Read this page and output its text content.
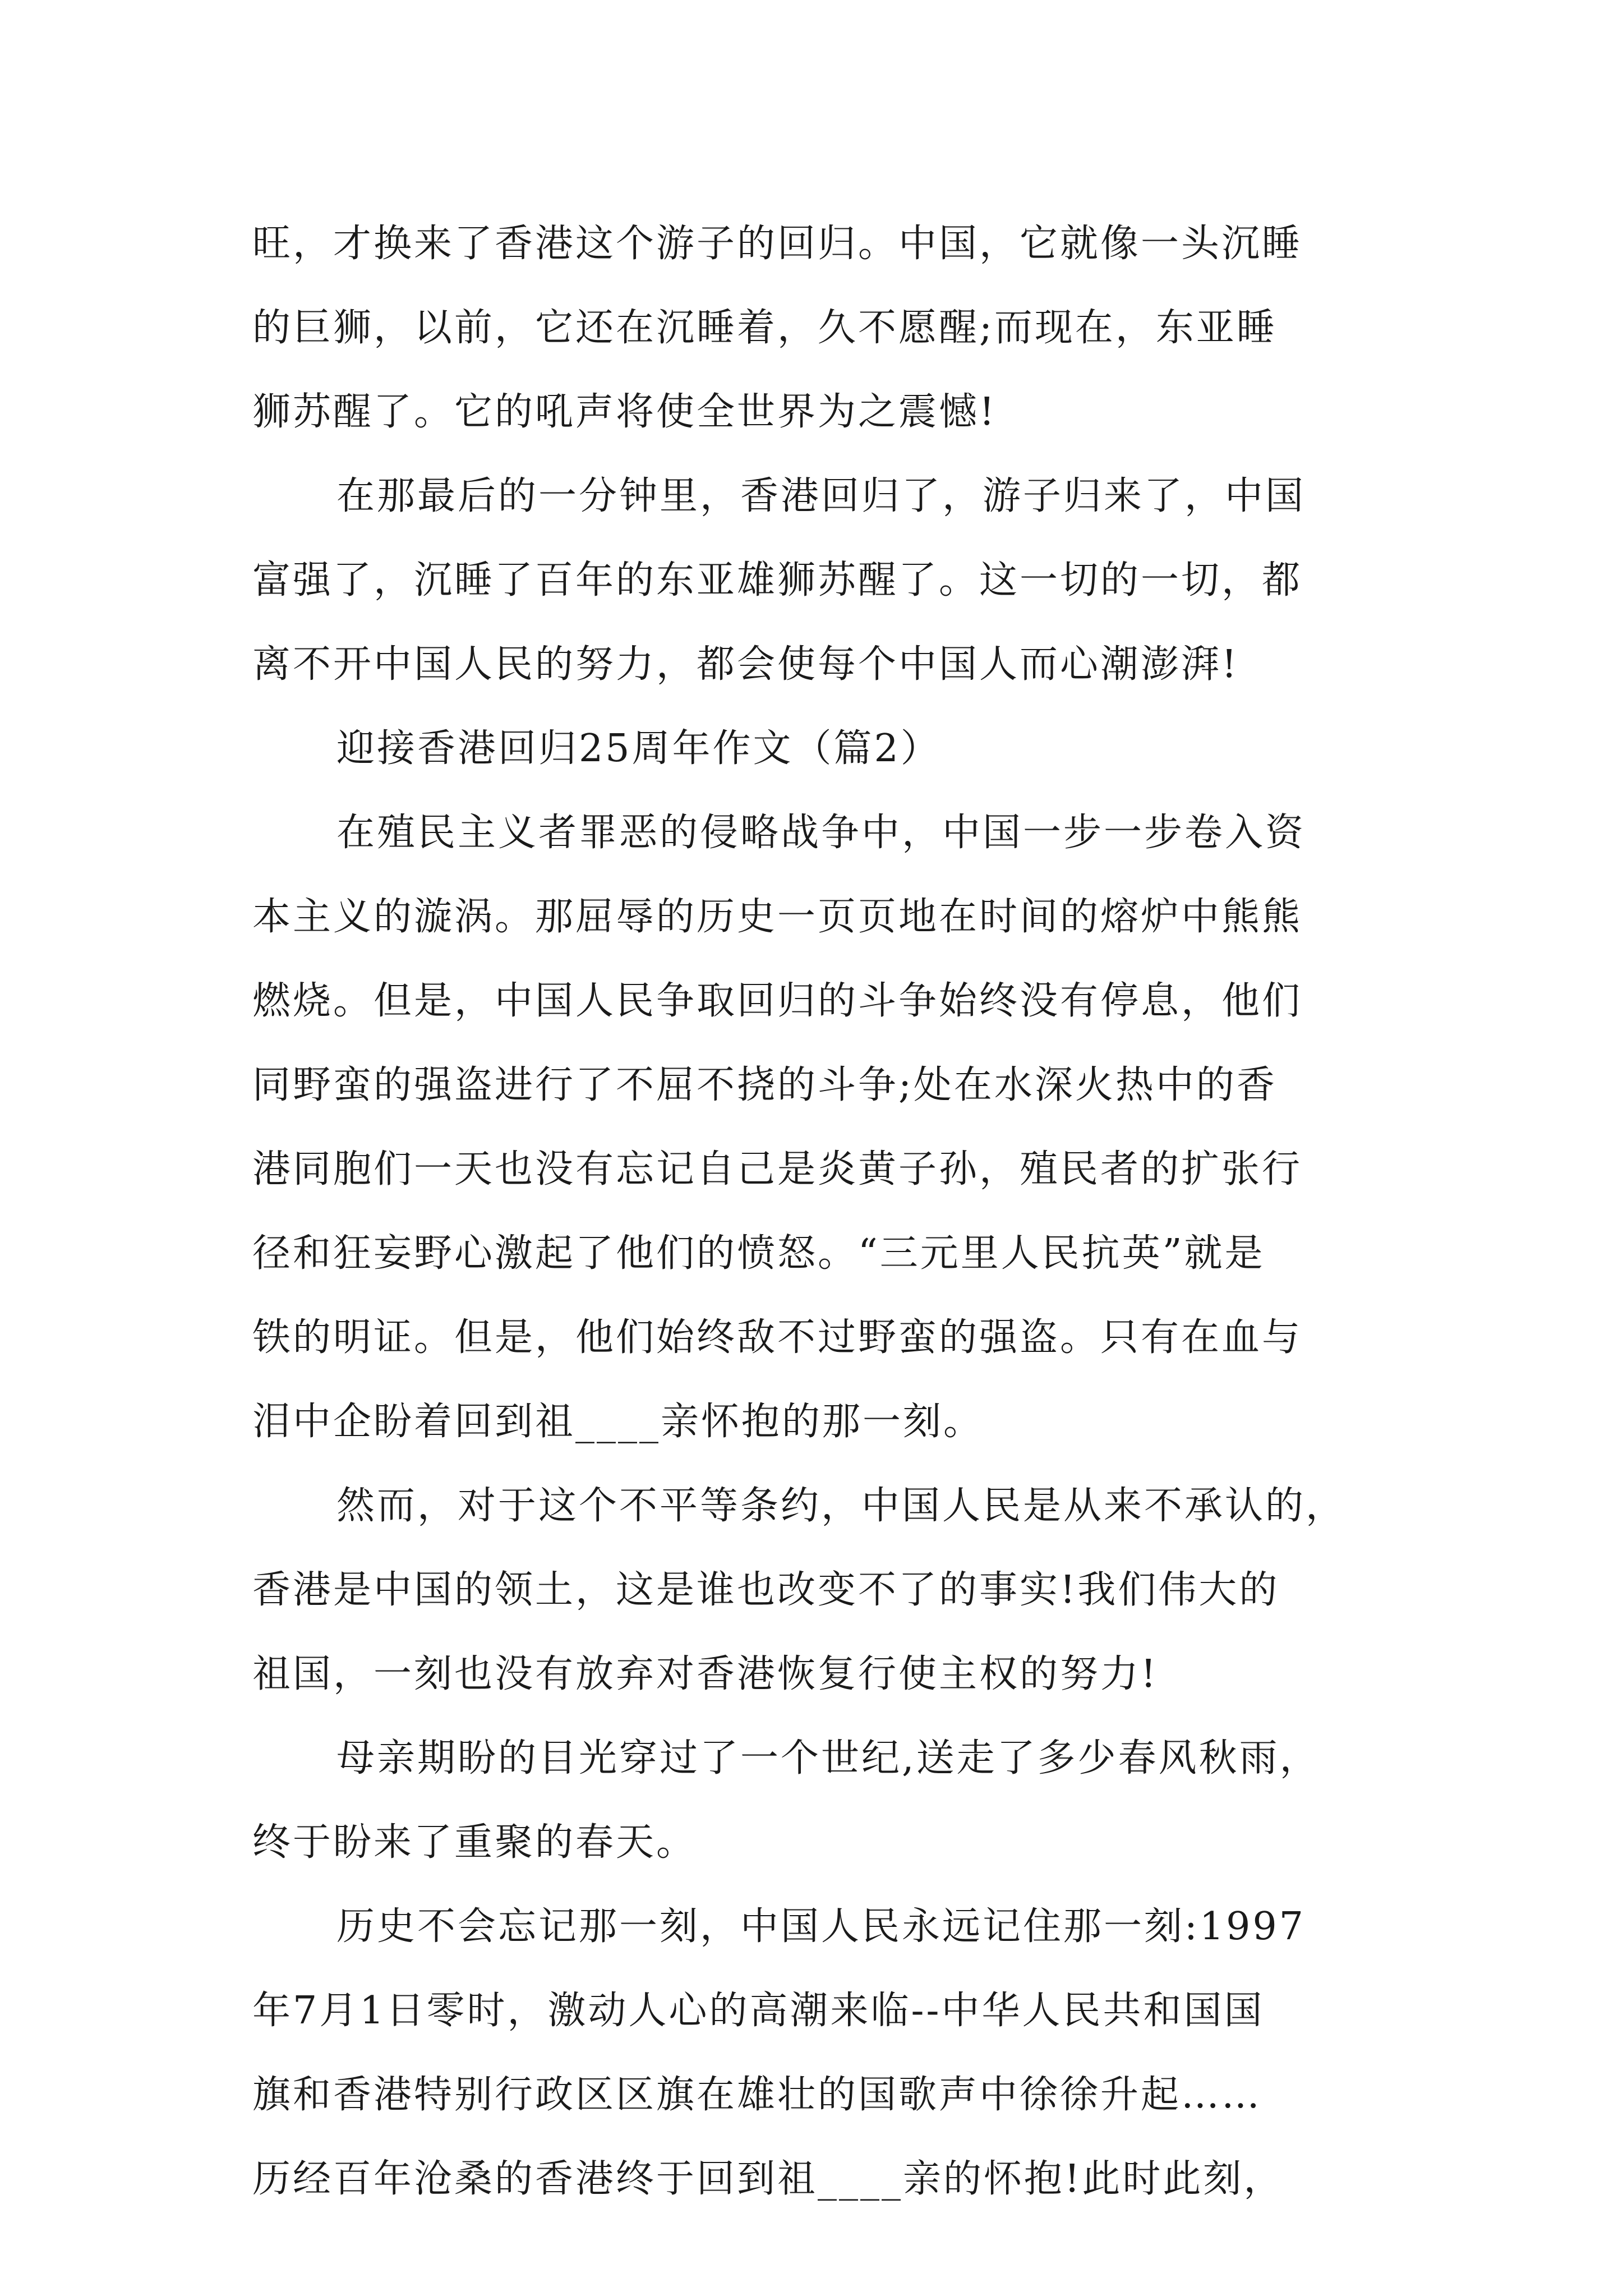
旺，才换来了香港这个游子的回归。中国，它就像一头沉睡
的巨狮，以前，它还在沉睡着，久不愿醒;而现在，东亚睡
狮苏醒了。它的吼声将使全世界为之震憾!
在那最后的一分钟里，香港回归了，游子归来了，中国
富强了，沉睡了百年的东亚雄狮苏醒了。这一切的一切，都
离不开中国人民的努力，都会使每个中国人而心潮澎湃!
迎接香港回归25周年作文（篇2）
在殖民主义者罪恶的侵略战争中，中国一步一步卷入资
本主义的漩涡。那屈辱的历史一页页地在时间的熔炉中熊熊
燃烧。但是，中国人民争取回归的斗争始终没有停息，他们
同野蛮的强盗进行了不屈不挠的斗争;处在水深火热中的香
港同胞们一天也没有忘记自己是炎黄子孙，殖民者的扩张行
径和狂妄野心激起了他们的愤怒。“三元里人民抗英”就是
铁的明证。但是，他们始终敌不过野蛮的强盗。只有在血与
泪中企盼着回到祖____亲怀抱的那一刻。
然而，对于这个不平等条约，中国人民是从来不承认的，
香港是中国的领土，这是谁也改变不了的事实!我们伟大的
祖国，一刻也没有放弃对香港恢复行使主权的努力!
母亲期盼的目光穿过了一个世纪,送走了多少春风秋雨，
终于盼来了重聚的春天。
历史不会忘记那一刻，中国人民永远记住那一刻:1997
年7月1日零时，激动人心的高潮来临--中华人民共和国国
旗和香港特别行政区区旗在雄壮的国歌声中徐徐升起……
历经百年沧桑的香港终于回到祖____亲的怀抱!此时此刻，
